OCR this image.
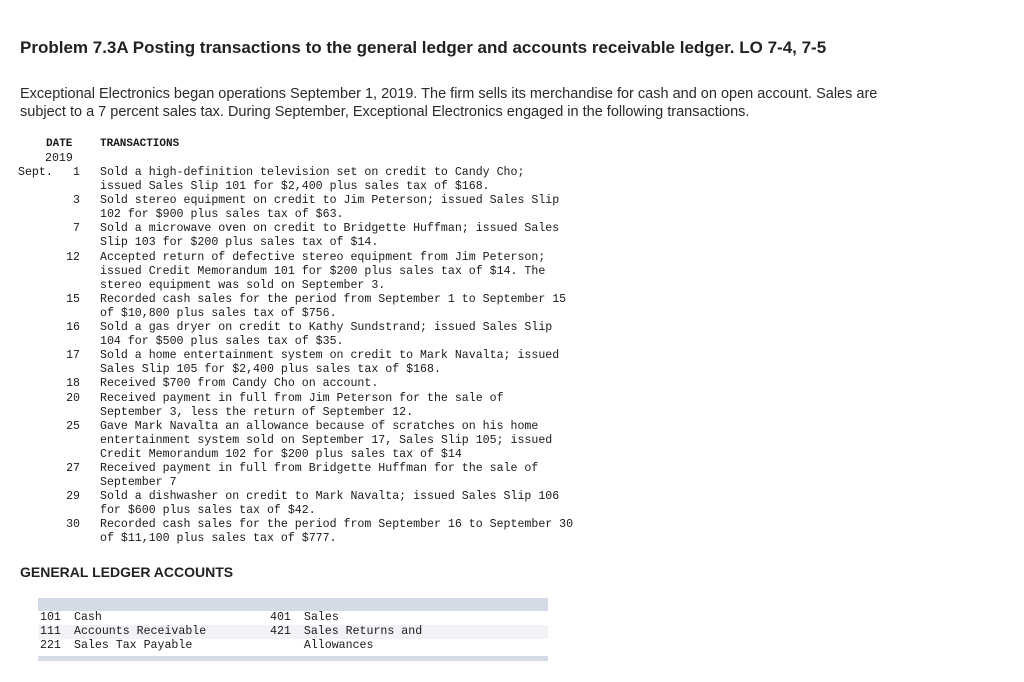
Problem 7.3A Posting transactions to the general ledger and accounts receivable ledger. LO 7-4, 7-5
Exceptional Electronics began operations September 1, 2019. The firm sells its merchandise for cash and on open account. Sales are subject to a 7 percent sales tax. During September, Exceptional Electronics engaged in the following transactions.
DATE
2019
TRANSACTIONS
Sept.	1 Sold a high-definition television set on credit to Candy Cho;
issued Sales Slip 101 for $2,400 plus sales tax of $168.
3 Sold stereo equipment on credit to Jim Peterson; issued Sales Slip
102 for $900 plus sales tax of $63.
7 Sold a microwave oven on credit to Bridgette Huffman; issued Sales
Slip 103 for $200 plus sales tax of $14.
12 Accepted return of defective stereo equipment from Jim Peterson;
issued Credit Memorandum 101 for $200 plus sales tax of $14. The
stereo equipment was sold on September 3.
15 Recorded cash sales for the period from September 1 to September 15
of $10,800 plus sales tax of $756.
16 Sold a gas dryer on credit to Kathy Sundstrand; issued Sales Slip
104 for $500 plus sales tax of $35.
17 Sold a home entertainment system on credit to Mark Navalta; issued
Sales Slip 105 for $2,400 plus sales tax of $168.
18 Received $700 from Candy Cho on account.
20 Received payment in full from Jim Peterson for the sale of
September 3, less the return of September 12.
25 Gave Mark Navalta an allowance because of scratches on his home
entertainment system sold on September 17, Sales Slip 105; issued
Credit Memorandum 102 for $200 plus sales tax of $14
27 Received payment in full from Bridgette Huffman for the sale of
September 7
29 Sold a dishwasher on credit to Mark Navalta; issued Sales Slip 106
for $600 plus sales tax of $42.
30 Recorded cash sales for the period from September 16 to September 30
of $11,100 plus sales tax of $777.
GENERAL LEDGER ACCOUNTS
101	Cash	401	Sales
111	Accounts Receivable	421	Sales Returns and Allowances
221	Sales Tax Payable
